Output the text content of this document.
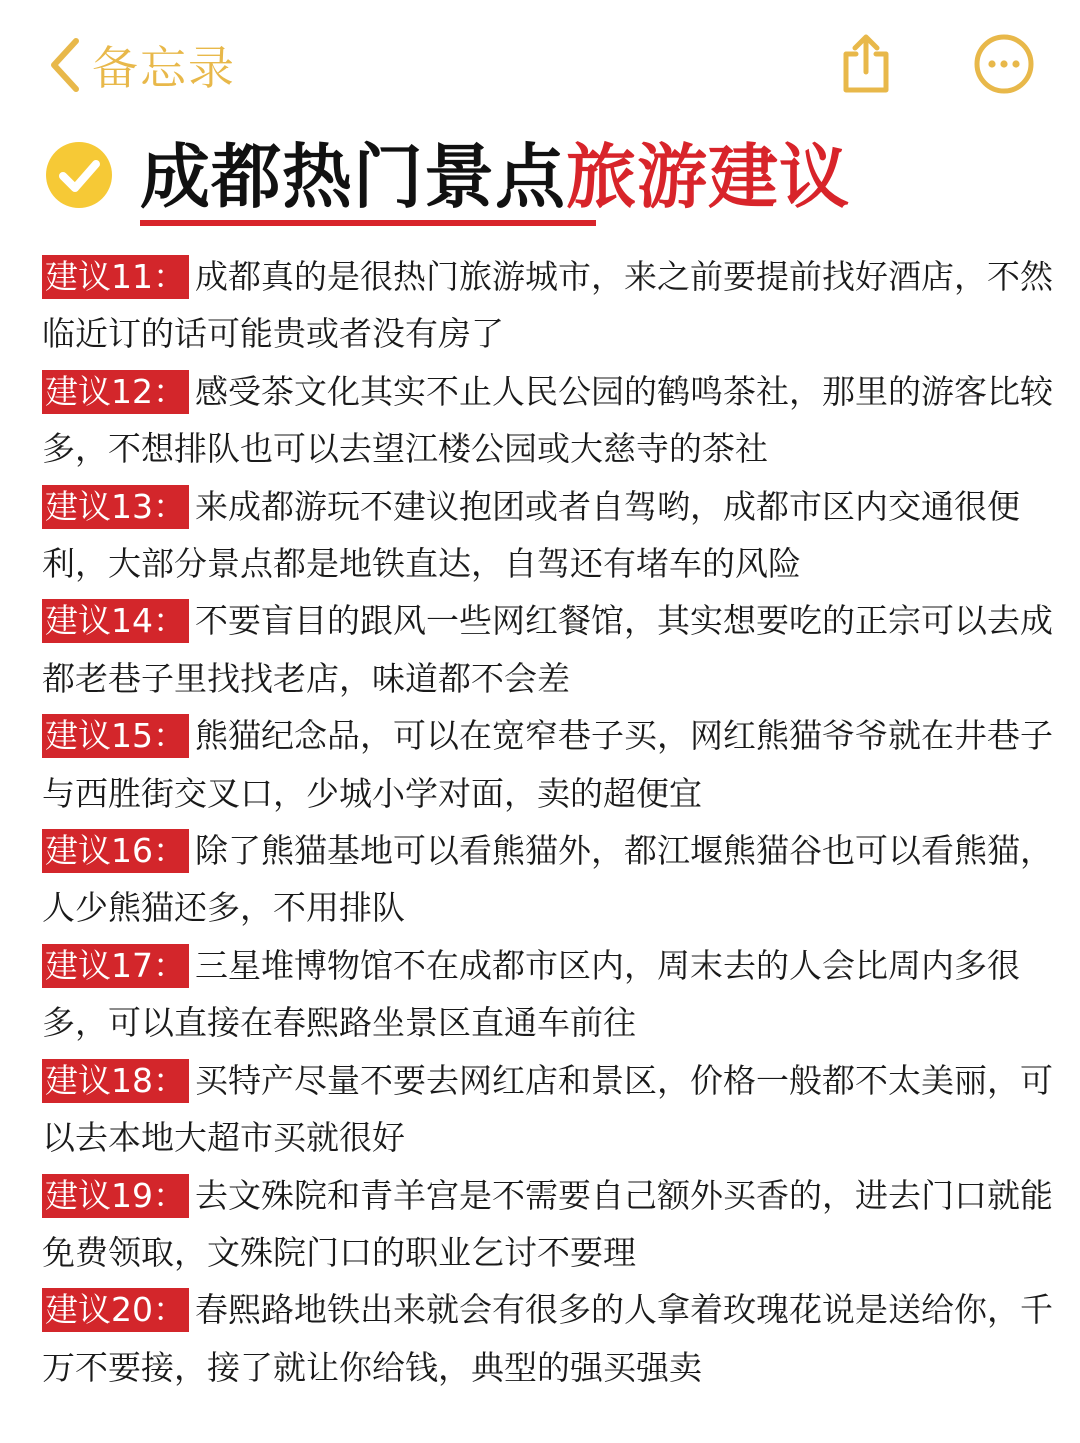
备忘录
成都热门景点旅游建议

建议11： 成都真的是很热门旅游城市，来之前要提前找好酒店，不然临近订的话可能贵或者没有房了

建议12： 感受茶文化其实不止人民公园的鹤鸣茶社，那里的游客比较多，不想排队也可以去望江楼公园或大慈寺的茶社

建议13： 来成都游玩不建议抱团或者自驾哟，成都市区内交通很便利，大部分景点都是地铁直达，自驾还有堵车的风险

建议14： 不要盲目的跟风一些网红餐馆，其实想要吃的正宗可以去成都老巷子里找找老店，味道都不会差

建议15： 熊猫纪念品，可以在宽窄巷子买，网红熊猫爷爷就在井巷子与西胜街交叉口，少城小学对面，卖的超便宜

建议16： 除了熊猫基地可以看熊猫外，都江堰熊猫谷也可以看熊猫，人少熊猫还多，不用排队

建议17： 三星堆博物馆不在成都市区内，周末去的人会比周内多很多，可以直接在春熙路坐景区直通车前往

建议18： 买特产尽量不要去网红店和景区，价格一般都不太美丽，可以去本地大超市买就很好

建议19： 去文殊院和青羊宫是不需要自己额外买香的，进去门口就能免费领取，文殊院门口的职业乞讨不要理

建议20： 春熙路地铁出来就会有很多的人拿着玫瑰花说是送给你，千万不要接，接了就让你给钱，典型的强买强卖
